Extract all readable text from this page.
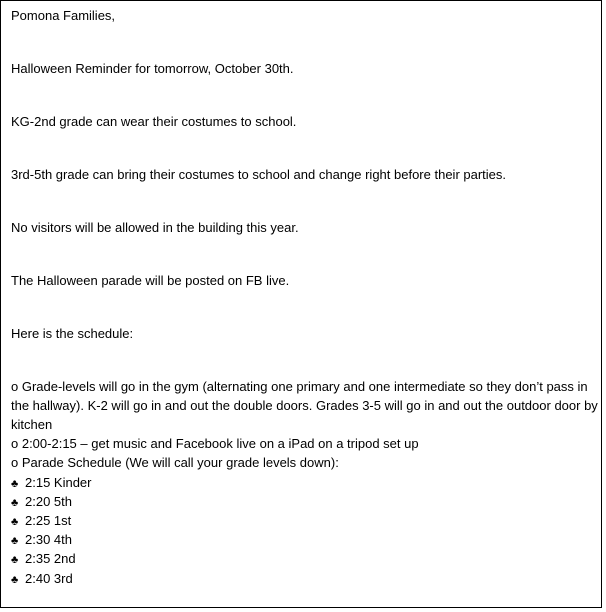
Pomona Families,
Halloween Reminder for tomorrow, October 30th.
KG-2nd grade can wear their costumes to school.
3rd-5th grade can bring their costumes to school and change right before their parties.
No visitors will be allowed in the building this year.
The Halloween parade will be posted on FB live.
Here is the schedule:
o Grade-levels will go in the gym (alternating one primary and one intermediate so they don’t pass in the hallway). K-2 will go in and out the double doors. Grades 3-5 will go in and out the outdoor door by kitchen
o 2:00-2:15 – get music and Facebook live on a iPad on a tripod set up
o Parade Schedule (We will call your grade levels down):
♣ 2:15 Kinder
♣ 2:20 5th
♣ 2:25 1st
♣ 2:30 4th
♣ 2:35 2nd
♣ 2:40 3rd
